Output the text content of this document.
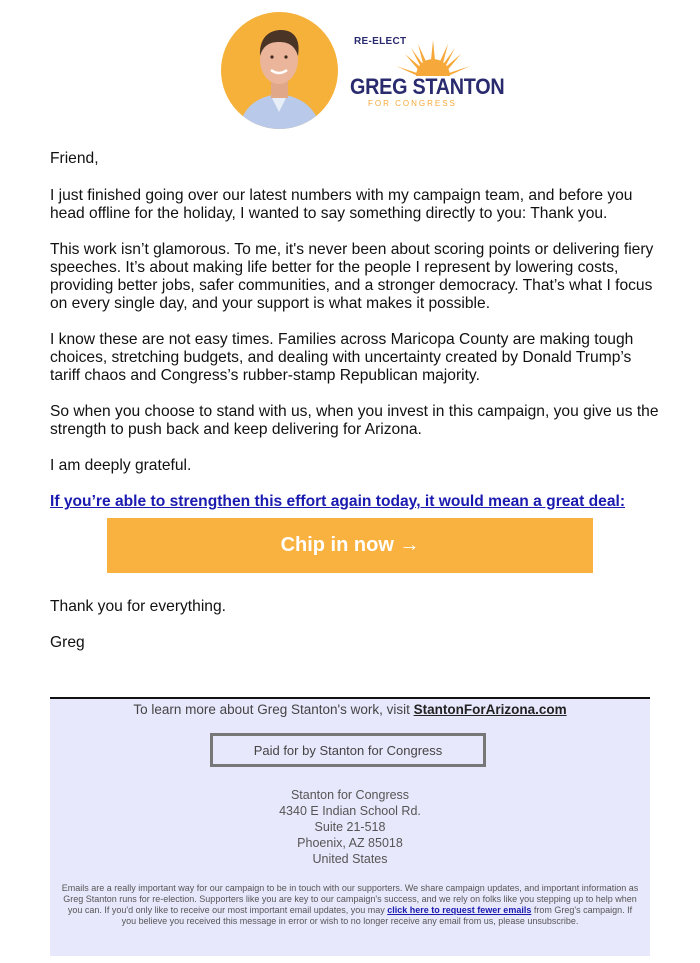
RE-ELECT
GREG STANTON
FOR CONGRESS

Friend,

I just finished going over our latest numbers with my campaign team, and before you head offline for the holiday, I wanted to say something directly to you: Thank you.

This work isn’t glamorous. To me, it's never been about scoring points or delivering fiery speeches. It’s about making life better for the people I represent by lowering costs, providing better jobs, safer communities, and a stronger democracy. That’s what I focus on every single day, and your support is what makes it possible.

I know these are not easy times. Families across Maricopa County are making tough choices, stretching budgets, and dealing with uncertainty created by Donald Trump’s tariff chaos and Congress’s rubber-stamp Republican majority.

So when you choose to stand with us, when you invest in this campaign, you give us the strength to push back and keep delivering for Arizona.

I am deeply grateful.

If you’re able to strengthen this effort again today, it would mean a great deal:
Chip in now →

Thank you for everything.

Greg

To learn more about Greg Stanton's work, visit StantonForArizona.com
Paid for by Stanton for Congress
Stanton for Congress
4340 E Indian School Rd.
Suite 21-518
Phoenix, AZ 85018
United States
Emails are a really important way for our campaign to be in touch with our supporters. We share campaign updates, and important information as Greg Stanton runs for re-election. Supporters like you are key to our campaign's success, and we rely on folks like you stepping up to help when you can. If you'd only like to receive our most important email updates, you may click here to request fewer emails from Greg's campaign. If you believe you received this message in error or wish to no longer receive any email from us, please unsubscribe.
